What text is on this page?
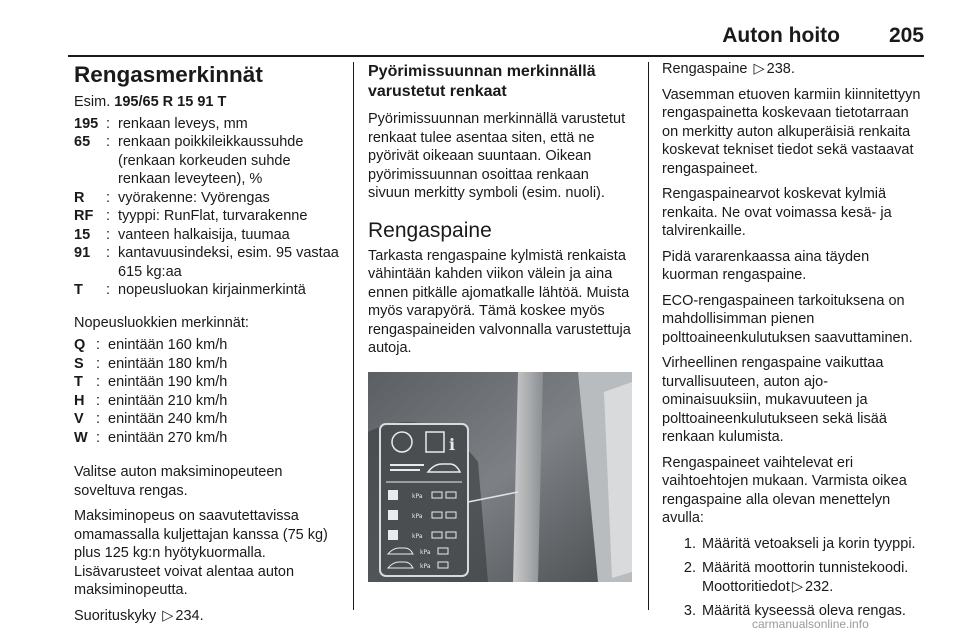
Auton hoito 205
Rengasmerkinnät

Esim. 195/65 R 15 91 T

195 : renkaan leveys, mm
65	: renkaan poikkileikkaussuhde (renkaan korkeuden suhde renkaan leveyteen), %
R	: vyörakenne: Vyörengas
RF : tyyppi: RunFlat, turvarakenne
15	: vanteen halkaisija, tuumaa
91	: kantavuusindeksi, esim. 95 vastaa 615 kg:aa
T	: nopeusluokan kirjainmerkintä

Nopeusluokkien merkinnät:

Q : enintään 160 km/h
S : enintään 180 km/h
T : enintään 190 km/h
H : enintään 210 km/h
V : enintään 240 km/h
W : enintään 270 km/h

Valitse auton maksiminopeuteen soveltuva rengas.

Maksiminopeus on saavutettavissa omamassalla kuljettajan kanssa (75 kg) plus 125 kg:n hyötykuormalla. Lisävarusteet voivat alentaa auton maksiminopeutta.

Suorituskyky ▷ 234.

Pyörimissuunnan merkinnällä varustetut renkaat

Pyörimissuunnan merkinnällä varustetut renkaat tulee asentaa siten, että ne pyörivät oikeaan suuntaan. Oikean pyörimissuunnan osoittaa renkaan sivuun merkitty symboli (esim. nuoli).

Rengaspaine

Tarkasta rengaspaine kylmistä renkaista vähintään kahden viikon välein ja aina ennen pitkälle ajomatkalle lähtöä. Muista myös varapyörä. Tämä koskee myös rengaspaineiden valvonnalla varustettuja autoja.

i
kPa
kPa
kPa
kPa
kPa

Rengaspaine ▷ 238.

Vasemman etuoven karmiin kiinnitettyyn rengaspainetta koskevaan tietotarraan on merkitty auton alkuperäisiä renkaita koskevat tekniset tiedot sekä vastaavat rengaspaineet.

Rengaspainearvot koskevat kylmiä renkaita. Ne ovat voimassa kesä- ja talvirenkaille.

Pidä vararenkaassa aina täyden kuorman rengaspaine.

ECO-rengaspaineen tarkoituksena on mahdollisimman pienen polttoaineenkulutuksen saavuttaminen.

Virheellinen rengaspaine vaikuttaa turvallisuuteen, auton ajo-ominaisuuksiin, mukavuuteen ja polttoaineenkulutukseen sekä lisää renkaan kulumista.

Rengaspaineet vaihtelevat eri vaihtoehtojen mukaan. Varmista oikea rengaspaine alla olevan menettelyn avulla:

1. Määritä vetoakseli ja korin tyyppi.
2. Määritä moottorin tunnistekoodi. Moottoritiedot ▷ 232.
3. Määritä kyseessä oleva rengas.
carmanualsonline.info
